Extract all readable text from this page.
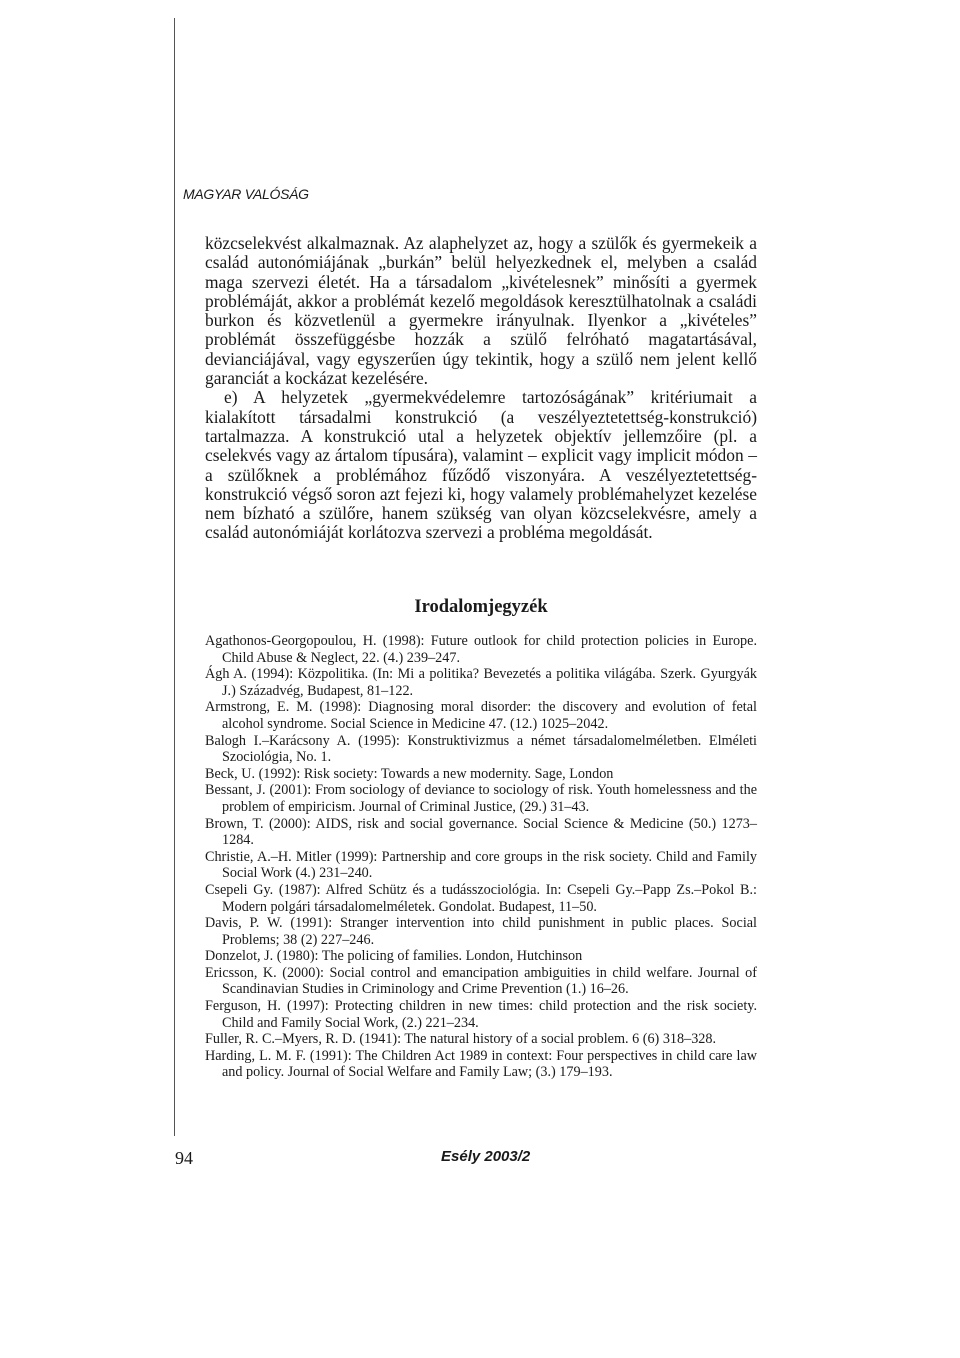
MAGYAR VALÓSÁG

közcselekvést alkalmaznak. Az alaphelyzet az, hogy a szülők és gyermekeik a család autonómiájának „burkán” belül helyezkednek el, melyben a család maga szervezi életét. Ha a társadalom „kivételesnek” minősíti a gyermek problémáját, akkor a problémát kezelő megoldások keresztülhatolnak a családi burkon és közvetlenül a gyermekre irányulnak. Ilyenkor a „kivételes” problémát összefüggésbe hozzák a szülő felróható magatartásával, devianciájával, vagy egyszerűen úgy tekintik, hogy a szülő nem jelent kellő garanciát a kockázat kezelésére.

e) A helyzetek „gyermekvédelemre tartozóságának” kritériumait a kialakított társadalmi konstrukció (a veszélyeztetettség-konstrukció) tartalmazza. A konstrukció utal a helyzetek objektív jellemzőire (pl. a cselekvés vagy az ártalom típusára), valamint – explicit vagy implicit módon – a szülőknek a problémához fűződő viszonyára. A veszélyeztetettség-konstrukció végső soron azt fejezi ki, hogy valamely problémahelyzet kezelése nem bízható a szülőre, hanem szükség van olyan közcselekvésre, amely a család autonómiáját korlátozva szervezi a probléma megoldását.

Irodalomjegyzék

Agathonos-Georgopoulou, H. (1998): Future outlook for child protection policies in Europe. Child Abuse & Neglect, 22. (4.) 239–247.

Ágh A. (1994): Közpolitika. (In: Mi a politika? Bevezetés a politika világába. Szerk. Gyurgyák J.) Századvég, Budapest, 81–122.

Armstrong, E. M. (1998): Diagnosing moral disorder: the discovery and evolution of fetal alcohol syndrome. Social Science in Medicine 47. (12.) 1025–2042.

Balogh I.–Karácsony A. (1995): Konstruktivizmus a német társadalomelméletben. Elméleti Szociológia, No. 1.

Beck, U. (1992): Risk society: Towards a new modernity. Sage, London

Bessant, J. (2001): From sociology of deviance to sociology of risk. Youth homelessness and the problem of empiricism. Journal of Criminal Justice, (29.) 31–43.

Brown, T. (2000): AIDS, risk and social governance. Social Science & Medicine (50.) 1273–1284.

Christie, A.–H. Mitler (1999): Partnership and core groups in the risk society. Child and Family Social Work (4.) 231–240.

Csepeli Gy. (1987): Alfred Schütz és a tudásszociológia. In: Csepeli Gy.–Papp Zs.–Pokol B.: Modern polgári társadalomelméletek. Gondolat. Budapest, 11–50.

Davis, P. W. (1991): Stranger intervention into child punishment in public places. Social Problems; 38 (2) 227–246.

Donzelot, J. (1980): The policing of families. London, Hutchinson

Ericsson, K. (2000): Social control and emancipation ambiguities in child welfare. Journal of Scandinavian Studies in Criminology and Crime Prevention (1.) 16–26.

Ferguson, H. (1997): Protecting children in new times: child protection and the risk society. Child and Family Social Work, (2.) 221–234.

Fuller, R. C.–Myers, R. D. (1941): The natural history of a social problem. 6 (6) 318–328.

Harding, L. M. F. (1991): The Children Act 1989 in context: Four perspectives in child care law and policy. Journal of Social Welfare and Family Law; (3.) 179–193.

94	Esély 2003/2
